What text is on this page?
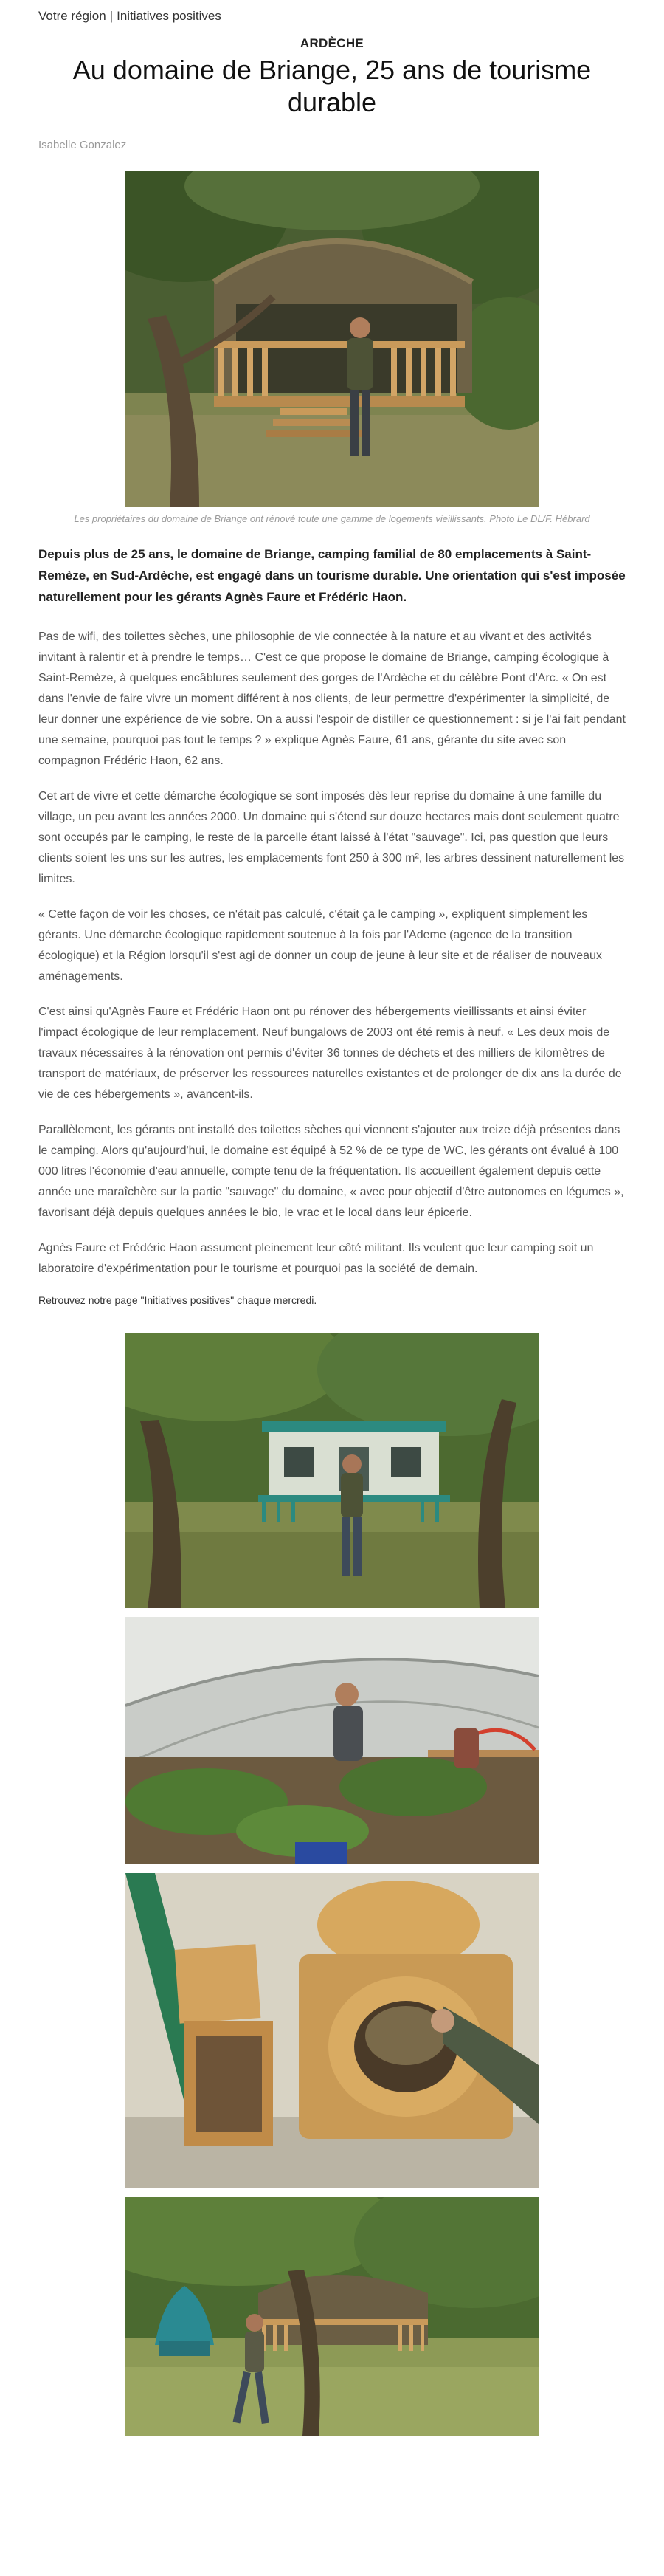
Votre région | Initiatives positives
ARDÈCHE
Au domaine de Briange, 25 ans de tourisme durable
Isabelle Gonzalez
Les propriétaires du domaine de Briange ont rénové toute une gamme de logements vieillissants. Photo Le DL/F. Hébrard

Depuis plus de 25 ans, le domaine de Briange, camping familial de 80 emplacements à Saint-Remèze, en Sud-Ardèche, est engagé dans un tourisme durable. Une orientation qui s'est imposée naturellement pour les gérants Agnès Faure et Frédéric Haon.

Pas de wifi, des toilettes sèches, une philosophie de vie connectée à la nature et au vivant et des activités invitant à ralentir et à prendre le temps… C'est ce que propose le domaine de Briange, camping écologique à Saint-Remèze, à quelques encâblures seulement des gorges de l'Ardèche et du célèbre Pont d'Arc. « On est dans l'envie de faire vivre un moment différent à nos clients, de leur permettre d'expérimenter la simplicité, de leur donner une expérience de vie sobre. On a aussi l'espoir de distiller ce questionnement : si je l'ai fait pendant une semaine, pourquoi pas tout le temps ? » explique Agnès Faure, 61 ans, gérante du site avec son compagnon Frédéric Haon, 62 ans.

Cet art de vivre et cette démarche écologique se sont imposés dès leur reprise du domaine à une famille du village, un peu avant les années 2000. Un domaine qui s'étend sur douze hectares mais dont seulement quatre sont occupés par le camping, le reste de la parcelle étant laissé à l'état "sauvage". Ici, pas question que leurs clients soient les uns sur les autres, les emplacements font 250 à 300 m², les arbres dessinent naturellement les limites.

« Cette façon de voir les choses, ce n'était pas calculé, c'était ça le camping », expliquent simplement les gérants. Une démarche écologique rapidement soutenue à la fois par l'Ademe (agence de la transition écologique) et la Région lorsqu'il s'est agi de donner un coup de jeune à leur site et de réaliser de nouveaux aménagements.

C'est ainsi qu'Agnès Faure et Frédéric Haon ont pu rénover des hébergements vieillissants et ainsi éviter l'impact écologique de leur remplacement. Neuf bungalows de 2003 ont été remis à neuf. « Les deux mois de travaux nécessaires à la rénovation ont permis d'éviter 36 tonnes de déchets et des milliers de kilomètres de transport de matériaux, de préserver les ressources naturelles existantes et de prolonger de dix ans la durée de vie de ces hébergements », avancent-ils.

Parallèlement, les gérants ont installé des toilettes sèches qui viennent s'ajouter aux treize déjà présentes dans le camping. Alors qu'aujourd'hui, le domaine est équipé à 52 % de ce type de WC, les gérants ont évalué à 100 000 litres l'économie d'eau annuelle, compte tenu de la fréquentation. Ils accueillent également depuis cette année une maraîchère sur la partie "sauvage" du domaine, « avec pour objectif d'être autonomes en légumes », favorisant déjà depuis quelques années le bio, le vrac et le local dans leur épicerie.

Agnès Faure et Frédéric Haon assument pleinement leur côté militant. Ils veulent que leur camping soit un laboratoire d'expérimentation pour le tourisme et pourquoi pas la société de demain.

Retrouvez notre page "Initiatives positives" chaque mercredi.
